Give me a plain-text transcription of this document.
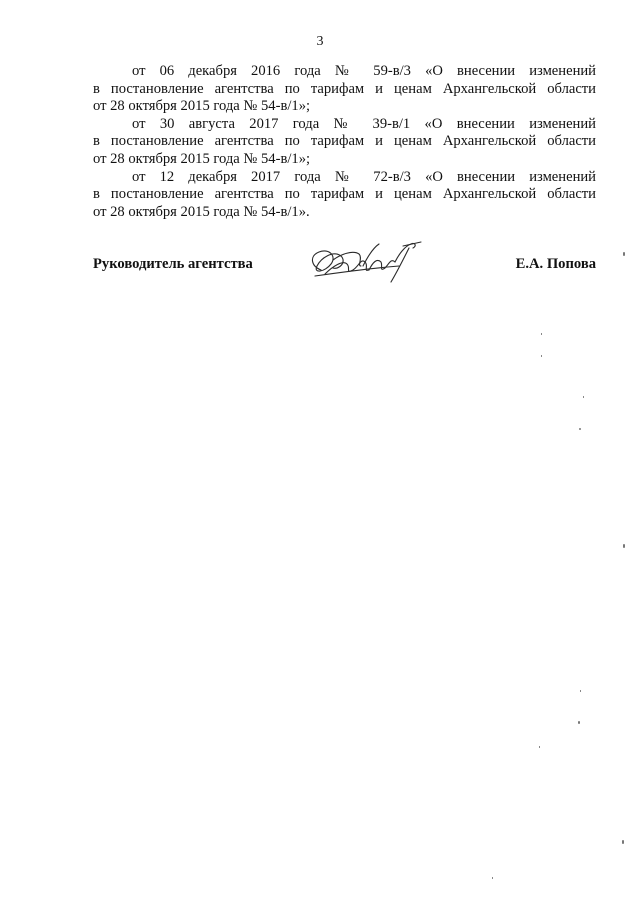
3

от 06 декабря 2016 года № 59-в/3 «О внесении изменений
в постановление агентства по тарифам и ценам Архангельской области
от 28 октября 2015 года № 54-в/1»;

от 30 августа 2017 года № 39-в/1 «О внесении изменений
в постановление агентства по тарифам и ценам Архангельской облаcти
от 28 октября 2015 года № 54-в/1»;

от 12 декабря 2017 года № 72-в/3 «О внесении изменений
в постановление агентства по тарифам и ценам Архангельской области
от 28 октября 2015 года № 54-в/1».

Руководитель агентства	Е.А. Попова
